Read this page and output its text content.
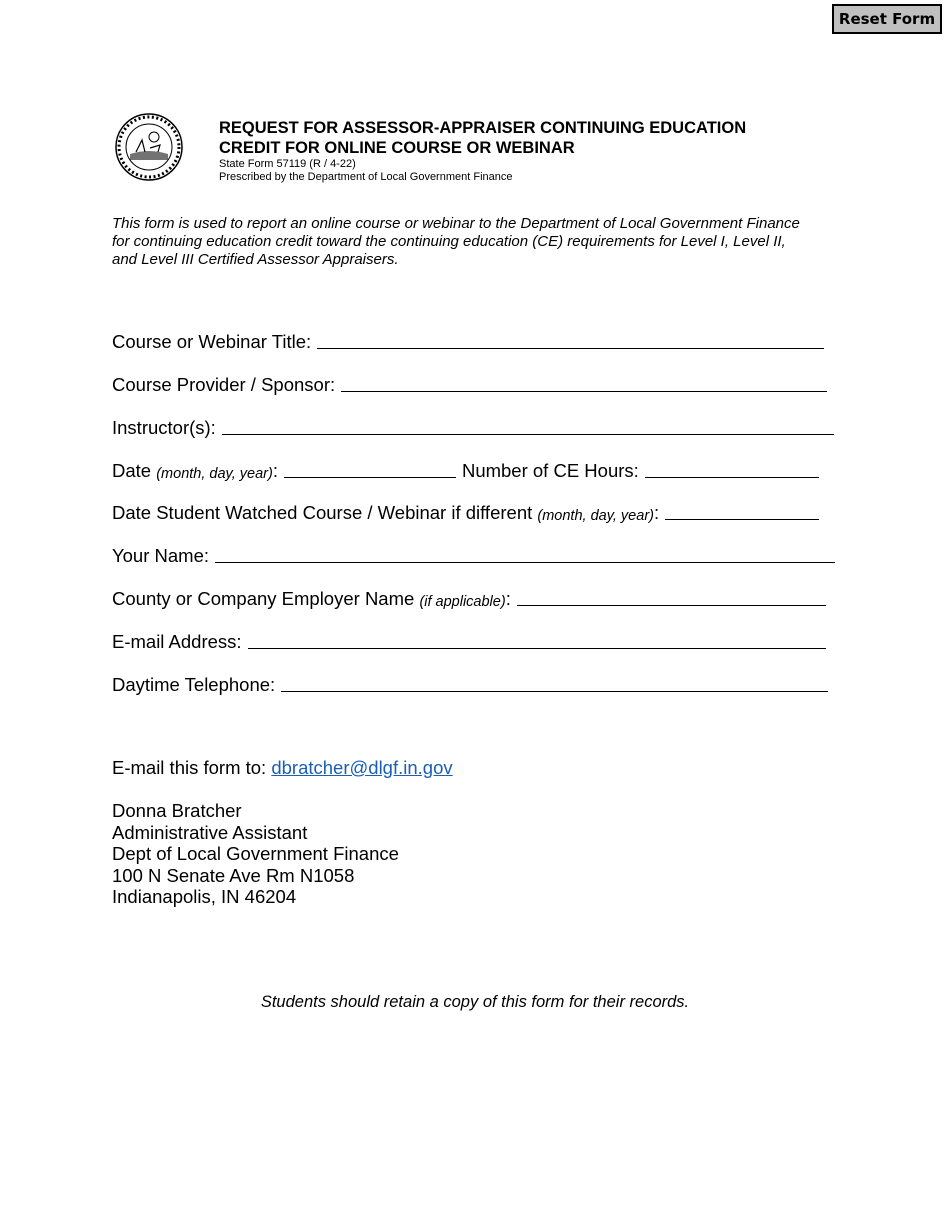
Reset Form
REQUEST FOR ASSESSOR-APPRAISER CONTINUING EDUCATION
CREDIT FOR ONLINE COURSE OR WEBINAR
State Form 57119 (R / 4-22)
Prescribed by the Department of Local Government Finance
This form is used to report an online course or webinar to the Department of Local Government Finance
for continuing education credit toward the continuing education (CE) requirements for Level I, Level II,
and Level III Certified Assessor Appraisers.
Course or Webinar Title:
Course Provider / Sponsor:
Instructor(s):
Date
(month, day, year) :	Number of CE Hours:
Date Student Watched Course / Webinar if different
(month, day, year) :
Your Name:
County or Company Employer Name
(if applicable) :
E-mail Address:
Daytime Telephone:
E-mail this form to: dbratcher@dlgf.in.gov
Donna Bratcher
Administrative Assistant
Dept of Local Government Finance
100 N Senate Ave Rm N1058
Indianapolis, IN 46204
Students should retain a copy of this form for their records.
